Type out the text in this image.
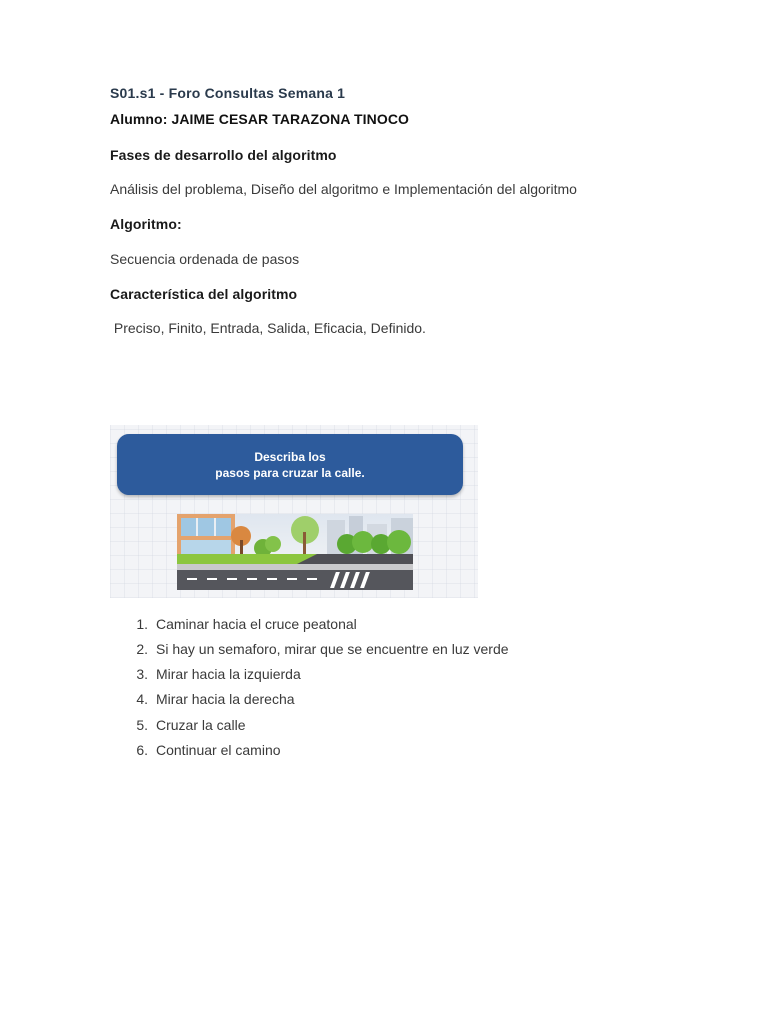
S01.s1 - Foro Consultas Semana 1
Alumno: JAIME CESAR TARAZONA TINOCO
Fases de desarrollo del algoritmo
Análisis del problema, Diseño del algoritmo e Implementación del algoritmo
Algoritmo:
Secuencia ordenada de pasos
Característica del algoritmo
Preciso, Finito, Entrada, Salida, Eficacia, Definido.
Describa los
pasos para cruzar la calle.
1. Caminar hacia el cruce peatonal
2. Si hay un semaforo, mirar que se encuentre en luz verde
3. Mirar hacia la izquierda
4. Mirar hacia la derecha
5. Cruzar la calle
6. Continuar el camino
